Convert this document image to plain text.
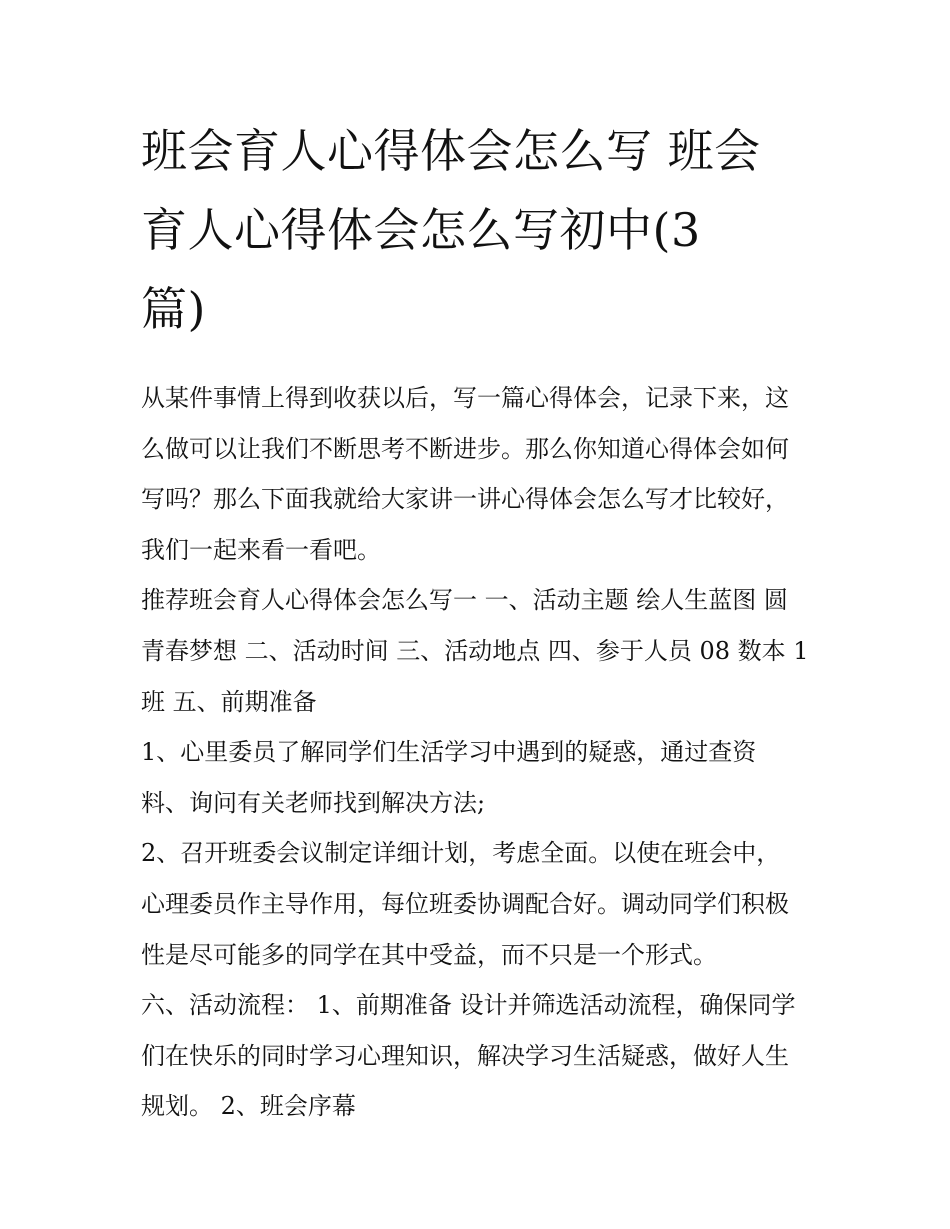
班会育人心得体会怎么写 班会
育人心得体会怎么写初中(3
篇)

从某件事情上得到收获以后，写一篇心得体会，记录下来，这
么做可以让我们不断思考不断进步。那么你知道心得体会如何
写吗？那么下面我就给大家讲一讲心得体会怎么写才比较好，
我们一起来看一看吧。

推荐班会育人心得体会怎么写一 一、活动主题 绘人生蓝图 圆
青春梦想 二、活动时间 三、活动地点 四、参于人员 08 数本 1
班 五、前期准备

1、心里委员了解同学们生活学习中遇到的疑惑，通过查资
料、询问有关老师找到解决方法;

2、召开班委会议制定详细计划，考虑全面。以使在班会中，
心理委员作主导作用，每位班委协调配合好。调动同学们积极
性是尽可能多的同学在其中受益，而不只是一个形式。

六、活动流程： 1、前期准备 设计并筛选活动流程，确保同学
们在快乐的同时学习心理知识，解决学习生活疑惑，做好人生
规划。 2、班会序幕
